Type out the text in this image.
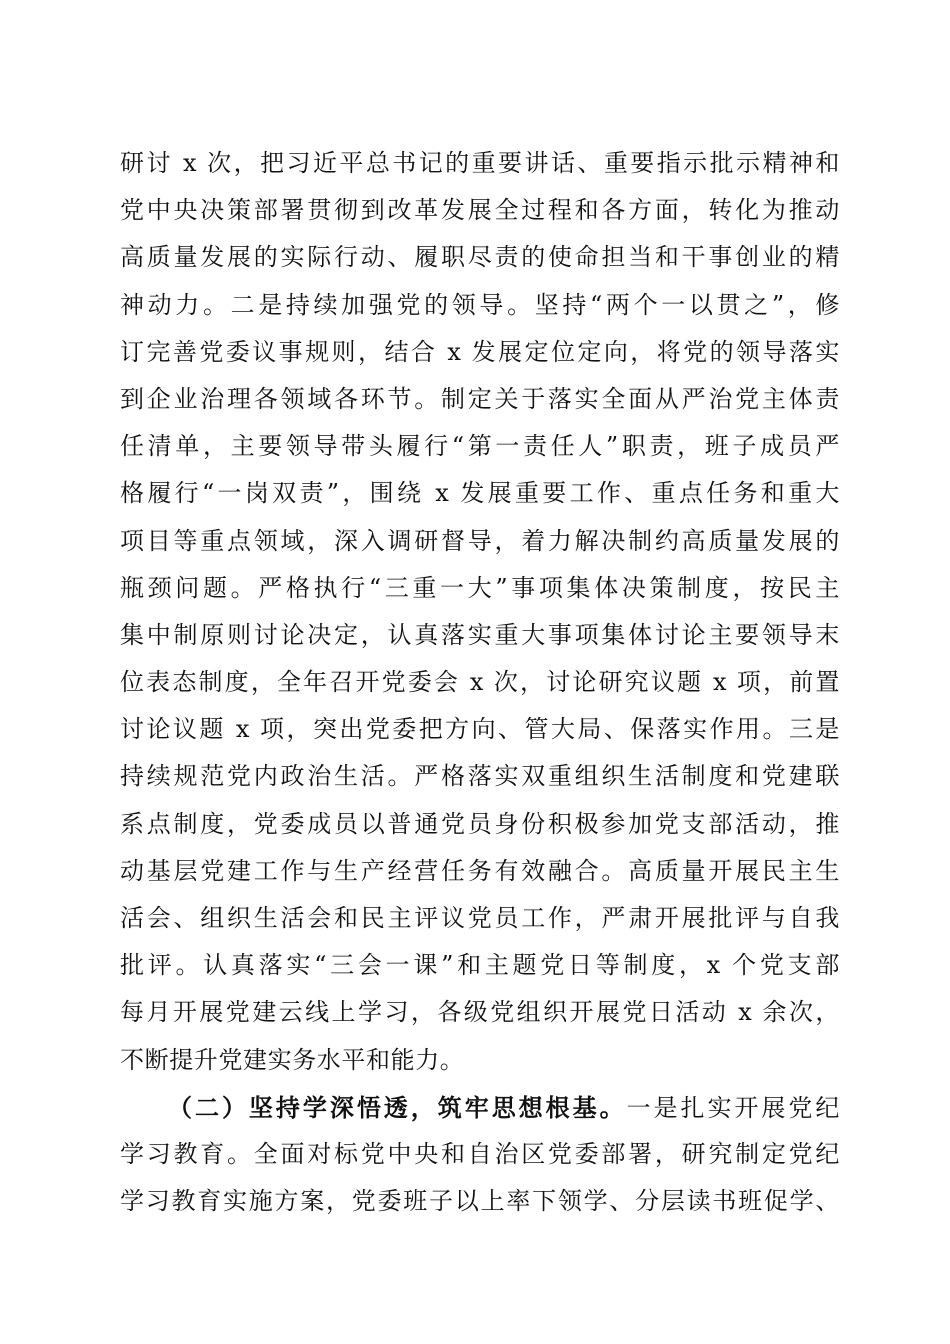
研讨 x 次，把习近平总书记的重要讲话、重要指示批示精神和
党中央决策部署贯彻到改革发展全过程和各方面，转化为推动
高质量发展的实际行动、履职尽责的使命担当和干事创业的精
神动力。二是持续加强党的领导。坚持“两个一以贯之”，修
订完善党委议事规则，结合 x 发展定位定向，将党的领导落实
到企业治理各领域各环节。制定关于落实全面从严治党主体责
任清单，主要领导带头履行“第一责任人”职责，班子成员严
格履行“一岗双责”，围绕 x 发展重要工作、重点任务和重大
项目等重点领域，深入调研督导，着力解决制约高质量发展的
瓶颈问题。严格执行“三重一大”事项集体决策制度，按民主
集中制原则讨论决定，认真落实重大事项集体讨论主要领导末
位表态制度，全年召开党委会 x 次，讨论研究议题 x 项，前置
讨论议题 x 项，突出党委把方向、管大局、保落实作用。三是
持续规范党内政治生活。严格落实双重组织生活制度和党建联
系点制度，党委成员以普通党员身份积极参加党支部活动，推
动基层党建工作与生产经营任务有效融合。高质量开展民主生
活会、组织生活会和民主评议党员工作，严肃开展批评与自我
批评。认真落实“三会一课”和主题党日等制度，x 个党支部
每月开展党建云线上学习，各级党组织开展党日活动 x 余次，
不断提升党建实务水平和能力。
（二）坚持学深悟透，筑牢思想根基。一是扎实开展党纪
学习教育。全面对标党中央和自治区党委部署，研究制定党纪
学习教育实施方案，党委班子以上率下领学、分层读书班促学、
